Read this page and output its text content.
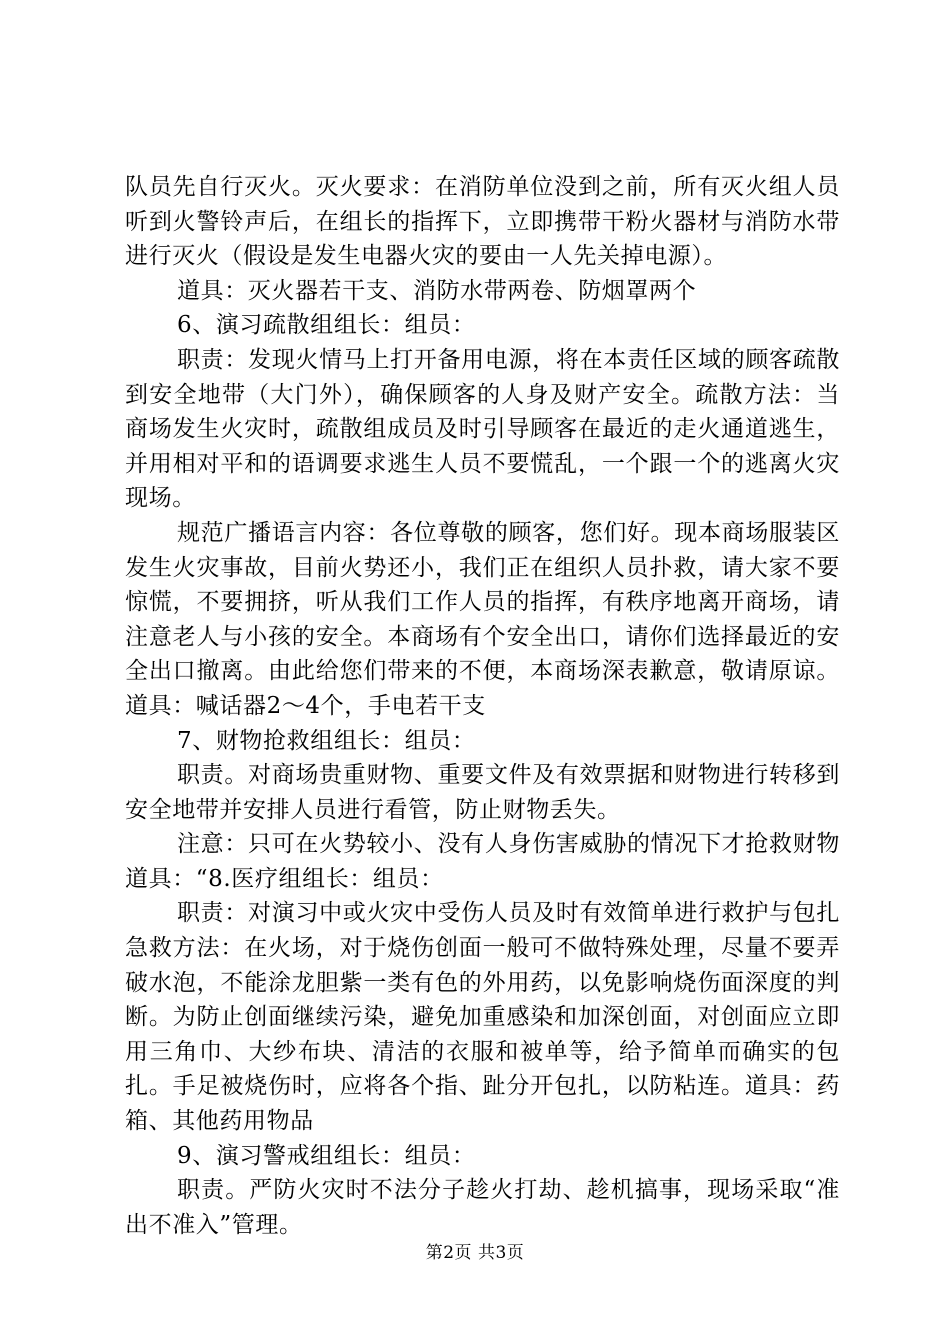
队员先自行灭火。灭火要求：在消防单位没到之前，所有灭火组人员听到火警铃声后，在组长的指挥下，立即携带干粉火器材与消防水带进行灭火（假设是发生电器火灾的要由一人先关掉电源）。

道具：灭火器若干支、消防水带两卷、防烟罩两个

6、演习疏散组组长：组员：

职责：发现火情马上打开备用电源，将在本责任区域的顾客疏散到安全地带（大门外），确保顾客的人身及财产安全。疏散方法：当商场发生火灾时，疏散组成员及时引导顾客在最近的走火通道逃生，并用相对平和的语调要求逃生人员不要慌乱，一个跟一个的逃离火灾现场。

规范广播语言内容：各位尊敬的顾客，您们好。现本商场服装区发生火灾事故，目前火势还小，我们正在组织人员扑救，请大家不要惊慌，不要拥挤，听从我们工作人员的指挥，有秩序地离开商场，请注意老人与小孩的安全。本商场有个安全出口，请你们选择最近的安全出口撤离。由此给您们带来的不便，本商场深表歉意，敬请原谅。道具：喊话器2～4个，手电若干支

7、财物抢救组组长：组员：

职责。对商场贵重财物、重要文件及有效票据和财物进行转移到安全地带并安排人员进行看管，防止财物丢失。

注意：只可在火势较小、没有人身伤害威胁的情况下才抢救财物道具：“8.医疗组组长：组员：

职责：对演习中或火灾中受伤人员及时有效简单进行救护与包扎急救方法：在火场，对于烧伤创面一般可不做特殊处理，尽量不要弄破水泡，不能涂龙胆紫一类有色的外用药，以免影响烧伤面深度的判断。为防止创面继续污染，避免加重感染和加深创面，对创面应立即用三角巾、大纱布块、清洁的衣服和被单等，给予简单而确实的包扎。手足被烧伤时，应将各个指、趾分开包扎，以防粘连。道具：药箱、其他药用物品

9、演习警戒组组长：组员：

职责。严防火灾时不法分子趁火打劫、趁机搞事，现场采取“准出不准入”管理。

第2页 共3页
